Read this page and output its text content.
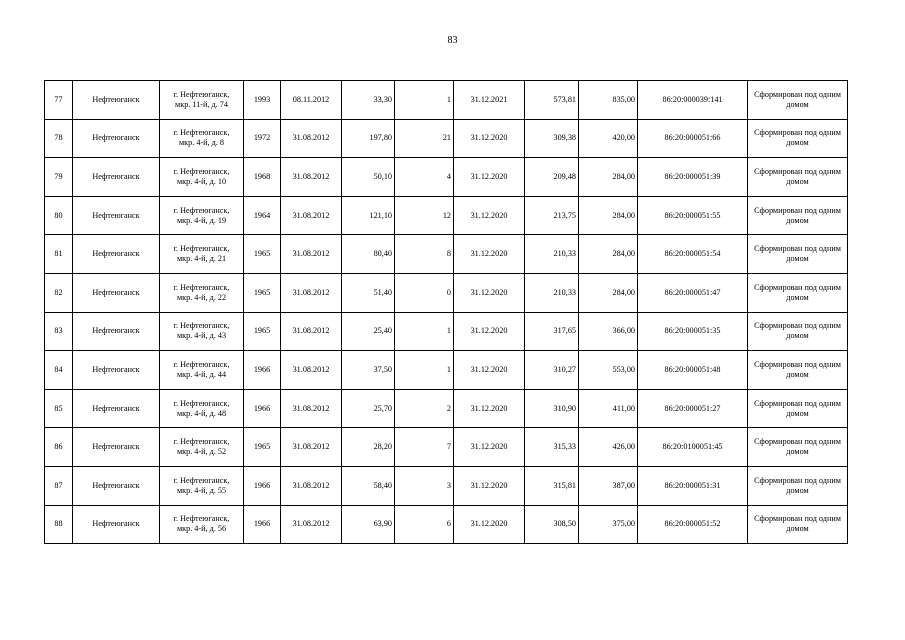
83
77	Нефтеюганск	г. Нефтеюганск,
мкр. 11-й, д. 74	1993	08.11.2012	33,30	1	31.12.2021	573,81	835,00	86:20:000039:141	Сформирован под одним домом
78	Нефтеюганск	г. Нефтеюганск,
мкр. 4-й, д. 8	1972	31.08.2012	197,80	21	31.12.2020	309,38	420,00	86:20:000051:66	Сформирован под одним домом
79	Нефтеюганск	г. Нефтеюганск,
мкр. 4-й, д. 10	1968	31.08.2012	50,10	4	31.12.2020	209,48	284,00	86:20:000051:39	Сформирован под одним домом
80	Нефтеюганск	г. Нефтеюганск,
мкр. 4-й, д. 19	1964	31.08.2012	121,10	12	31.12.2020	213,75	284,00	86:20:000051:55	Сформирован под одним домом
81	Нефтеюганск	г. Нефтеюганск,
мкр. 4-й, д. 21	1965	31.08.2012	80,40	8	31.12.2020	210,33	284,00	86:20:000051:54	Сформирован под одним домом
82	Нефтеюганск	г. Нефтеюганск,
мкр. 4-й, д. 22	1965	31.08.2012	51,40	0	31.12.2020	210,33	284,00	86:20:000051:47	Сформирован под одним домом
83	Нефтеюганск	г. Нефтеюганск,
мкр. 4-й, д. 43	1965	31.08.2012	25,40	1	31.12.2020	317,65	366,00	86:20:000051:35	Сформирован под одним домом
84	Нефтеюганск	г. Нефтеюганск,
мкр. 4-й, д. 44	1966	31.08.2012	37,50	1	31.12.2020	310,27	553,00	86:20:000051:48	Сформирован под одним домом
85	Нефтеюганск	г. Нефтеюганск,
мкр. 4-й, д. 48	1966	31.08.2012	25,70	2	31.12.2020	310,90	411,00	86:20:000051:27	Сформирован под одним домом
86	Нефтеюганск	г. Нефтеюганск,
мкр. 4-й, д. 52	1965	31.08.2012	28,20	7	31.12.2020	315,33	426,00	86:20:0100051:45	Сформирован под одним домом
87	Нефтеюганск	г. Нефтеюганск,
мкр. 4-й, д. 55	1966	31.08.2012	58,40	3	31.12.2020	315,81	387,00	86:20:000051:31	Сформирован под одним домом
88	Нефтеюганск	г. Нефтеюганск,
мкр. 4-й, д. 56	1966	31.08.2012	63,90	6	31.12.2020	308,50	375,00	86:20:000051:52	Сформирован под одним домом
